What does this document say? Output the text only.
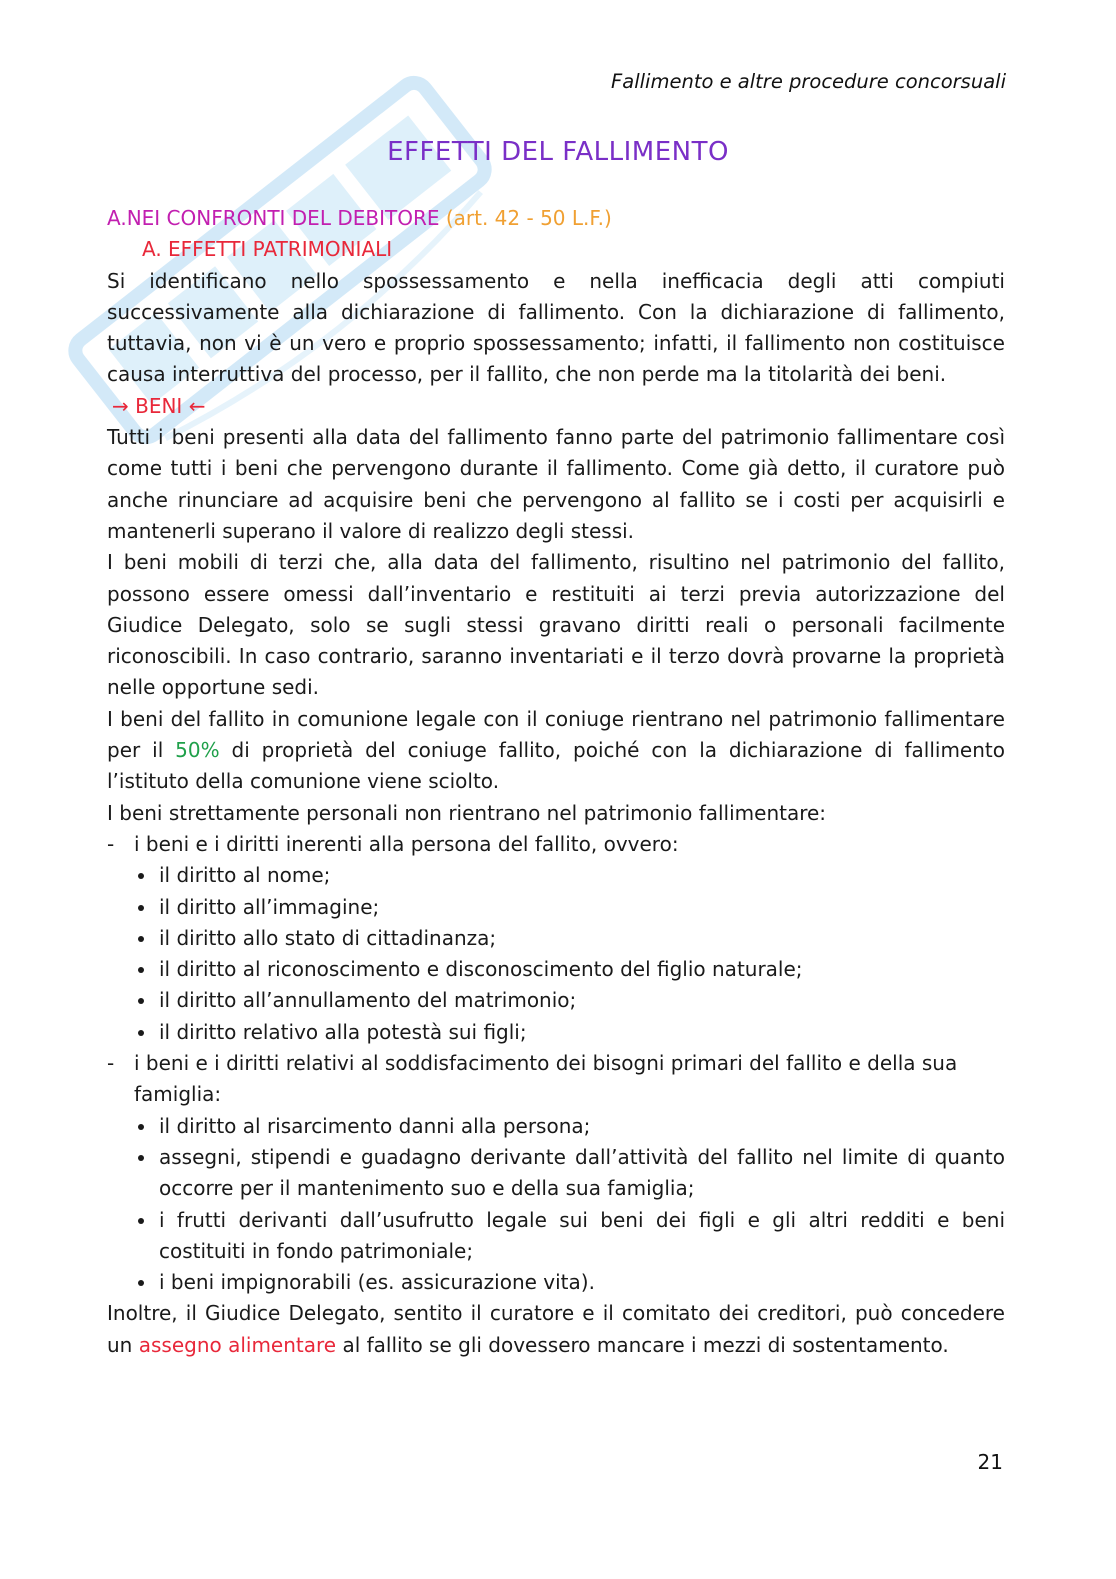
Fallimento e altre procedure concorsuali
EFFETTI DEL FALLIMENTO

A.NEI CONFRONTI DEL DEBITORE (art. 42 - 50 L.F.)

A. EFFETTI PATRIMONIALI

Si identificano nello spossessamento e nella inefficacia degli atti compiuti successivamente alla dichiarazione di fallimento. Con la dichiarazione di fallimento, tuttavia, non vi è un vero e proprio spossessamento; infatti, il fallimento non costituisce causa interruttiva del processo, per il fallito, che non perde ma la titolarità dei beni.

→ BENI ←

Tutti i beni presenti alla data del fallimento fanno parte del patrimonio fallimentare così come tutti i beni che pervengono durante il fallimento. Come già detto, il curatore può anche rinunciare ad acquisire beni che pervengono al fallito se i costi per acquisirli e mantenerli superano il valore di realizzo degli stessi.

I beni mobili di terzi che, alla data del fallimento, risultino nel patrimonio del fallito, possono essere omessi dall’inventario e restituiti ai terzi previa autorizzazione del Giudice Delegato, solo se sugli stessi gravano diritti reali o personali facilmente riconoscibili. In caso contrario, saranno inventariati e il terzo dovrà provarne la proprietà nelle opportune sedi.

I beni del fallito in comunione legale con il coniuge rientrano nel patrimonio fallimentare per il 50% di proprietà del coniuge fallito, poiché con la dichiarazione di fallimento l’istituto della comunione viene sciolto.

I beni strettamente personali non rientrano nel patrimonio fallimentare:

- i beni e i diritti inerenti alla persona del fallito, ovvero:
il diritto al nome;
il diritto all’immagine;
il diritto allo stato di cittadinanza;
il diritto al riconoscimento e disconoscimento del figlio naturale;
il diritto all’annullamento del matrimonio;
il diritto relativo alla potestà sui figli;
- i beni e i diritti relativi al soddisfacimento dei bisogni primari del fallito e della sua famiglia:
il diritto al risarcimento danni alla persona;
assegni, stipendi e guadagno derivante dall’attività del fallito nel limite di quanto occorre per il mantenimento suo e della sua famiglia;
i frutti derivanti dall’usufrutto legale sui beni dei figli e gli altri redditi e beni costituiti in fondo patrimoniale;
i beni impignorabili (es. assicurazione vita).

Inoltre, il Giudice Delegato, sentito il curatore e il comitato dei creditori, può concedere un assegno alimentare al fallito se gli dovessero mancare i mezzi di sostentamento.

21
